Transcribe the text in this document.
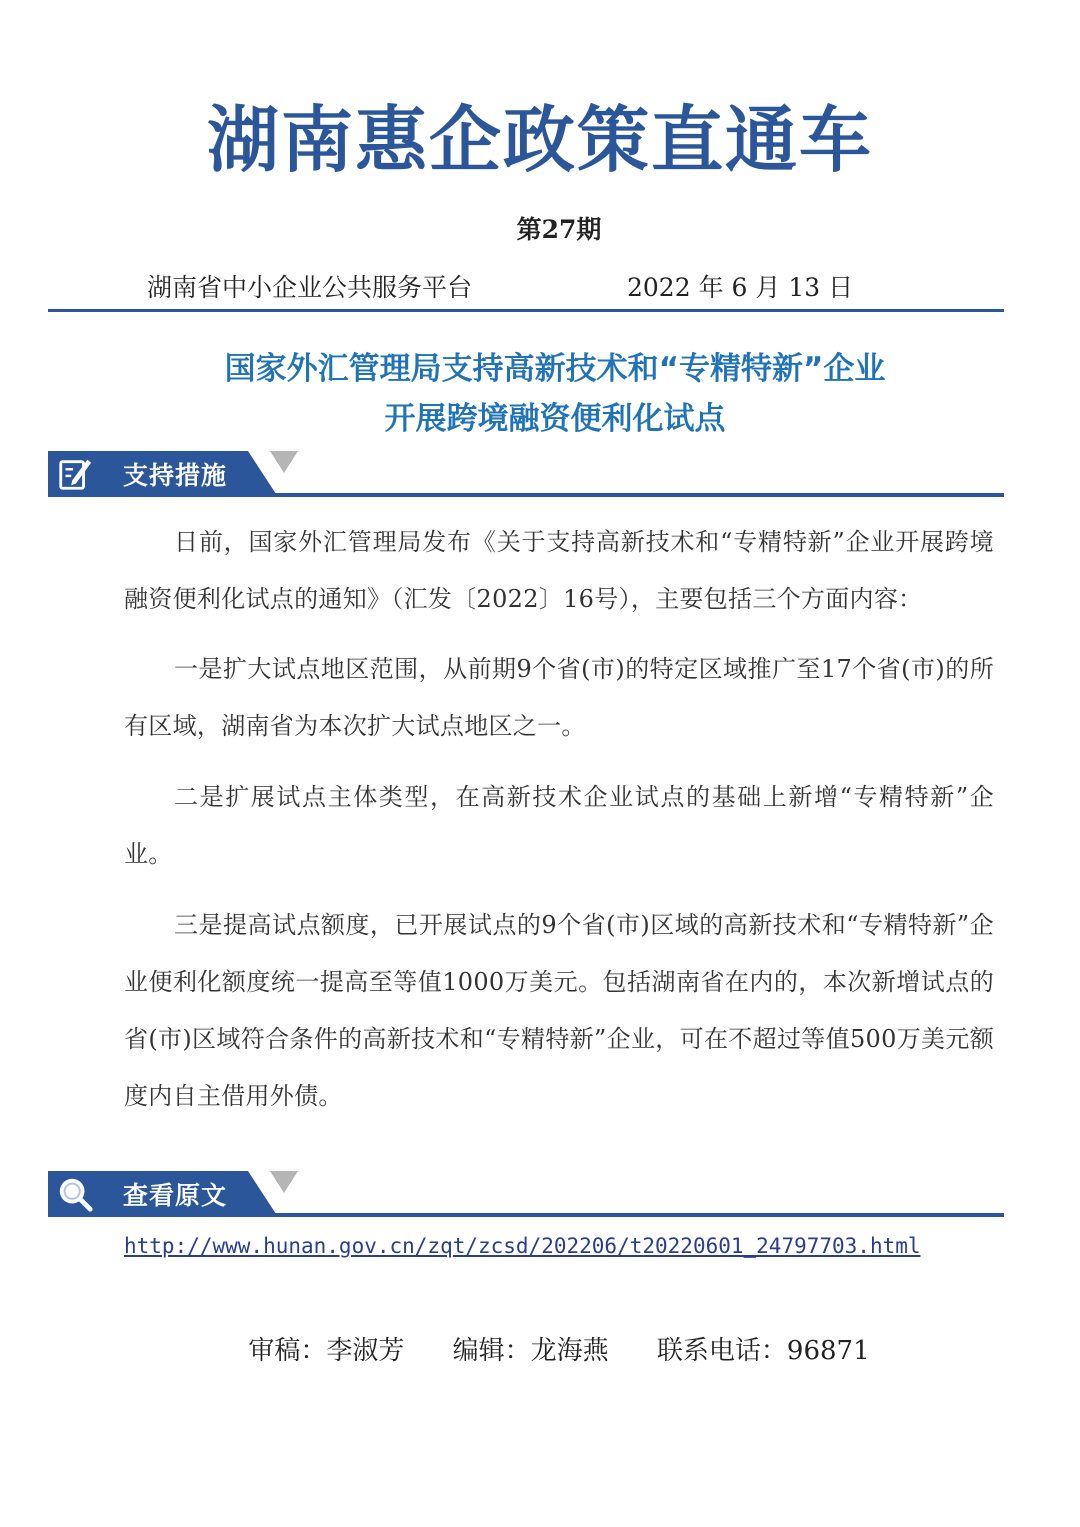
湖南惠企政策直通车
第27期
湖南省中小企业公共服务平台	2022 年 6 月 13 日
国家外汇管理局支持高新技术和“专精特新”企业
开展跨境融资便利化试点
支持措施
日前，国家外汇管理局发布《关于支持高新技术和“专精特新”企业开展跨境融资便利化试点的通知》（汇发〔2022〕16号），主要包括三个方面内容：
一是扩大试点地区范围，从前期9个省(市)的特定区域推广至17个省(市)的所有区域，湖南省为本次扩大试点地区之一。
二是扩展试点主体类型，在高新技术企业试点的基础上新增“专精特新”企业。
三是提高试点额度，已开展试点的9个省(市)区域的高新技术和“专精特新”企业便利化额度统一提高至等值1000万美元。包括湖南省在内的，本次新增试点的省(市)区域符合条件的高新技术和“专精特新”企业，可在不超过等值500万美元额度内自主借用外债。
查看原文
http://www.hunan.gov.cn/zqt/zcsd/202206/t20220601_24797703.html
审稿：李淑芳 编辑：龙海燕 联系电话：96871
